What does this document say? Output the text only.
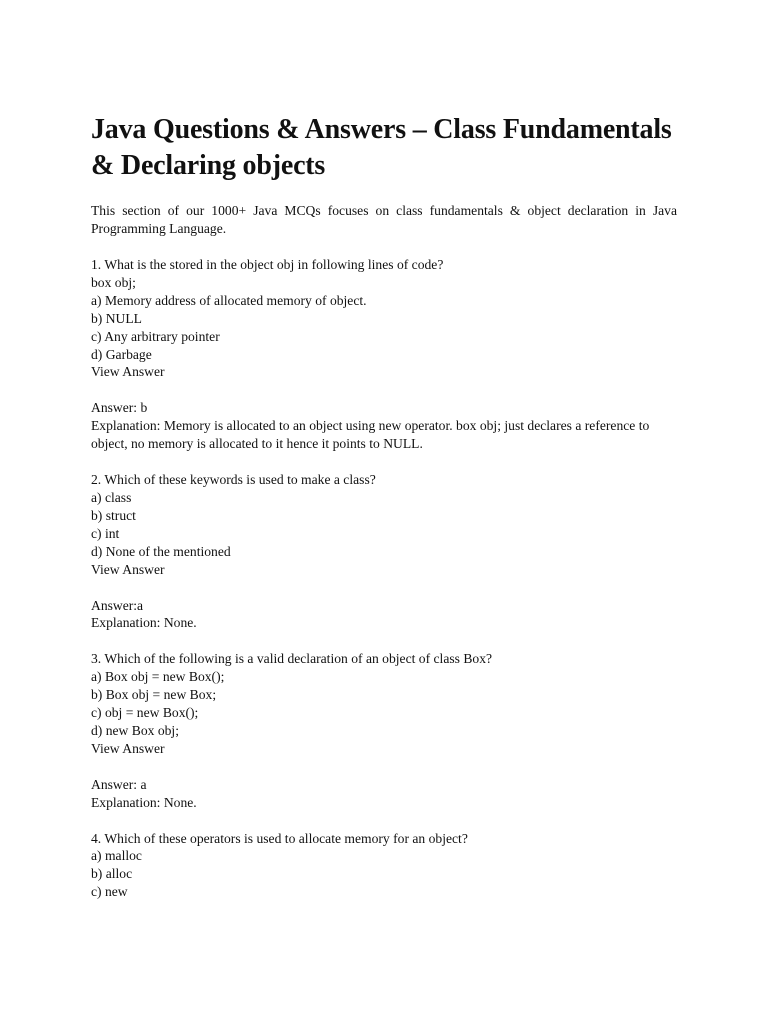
Java Questions & Answers – Class Fundamentals & Declaring objects
This section of our 1000+ Java MCQs focuses on class fundamentals & object declaration in Java Programming Language.
1. What is the stored in the object obj in following lines of code?
box obj;
a) Memory address of allocated memory of object.
b) NULL
c) Any arbitrary pointer
d) Garbage
View Answer
Answer: b
Explanation: Memory is allocated to an object using new operator. box obj; just declares a reference to object, no memory is allocated to it hence it points to NULL.
2. Which of these keywords is used to make a class?
a) class
b) struct
c) int
d) None of the mentioned
View Answer
Answer:a
Explanation: None.
3. Which of the following is a valid declaration of an object of class Box?
a) Box obj = new Box();
b) Box obj = new Box;
c) obj = new Box();
d) new Box obj;
View Answer
Answer: a
Explanation: None.
4. Which of these operators is used to allocate memory for an object?
a) malloc
b) alloc
c) new
